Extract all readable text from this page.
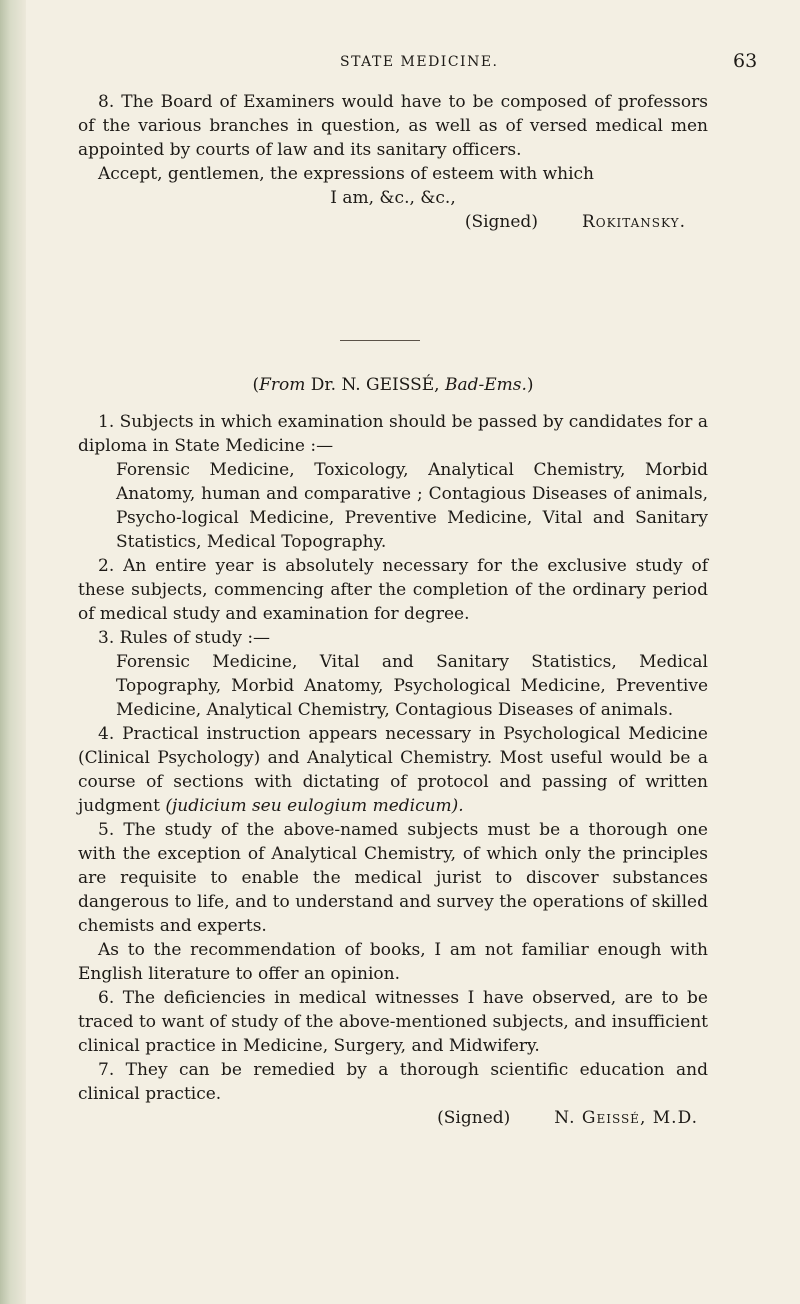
STATE MEDICINE.	63

8. The Board of Examiners would have to be composed of professors of the various branches in question, as well as of versed medical men appointed by courts of law and its sanitary officers.

Accept, gentlemen, the expressions of esteem with which

I am, &c., &c.,

(Signed)	Rokitansky.
(From Dr. N. GEISSÉ, Bad-Ems.)

1. Subjects in which examination should be passed by candidates for a diploma in State Medicine :—

Forensic Medicine, Toxicology, Analytical Chemistry, Morbid Anatomy, human and comparative ; Contagious Diseases of animals, Psycho-logical Medicine, Preventive Medicine, Vital and Sanitary Statistics, Medical Topography.

2. An entire year is absolutely necessary for the exclusive study of these subjects, commencing after the completion of the ordinary period of medical study and examination for degree.

3. Rules of study :—

Forensic Medicine, Vital and Sanitary Statistics, Medical Topography, Morbid Anatomy, Psychological Medicine, Preventive Medicine, Analytical Chemistry, Contagious Diseases of animals.

4. Practical instruction appears necessary in Psychological Medicine (Clinical Psychology) and Analytical Chemistry. Most useful would be a course of sections with dictating of protocol and passing of written judgment (judicium seu eulogium medicum).

5. The study of the above-named subjects must be a thorough one with the exception of Analytical Chemistry, of which only the principles are requisite to enable the medical jurist to discover substances dangerous to life, and to understand and survey the operations of skilled chemists and experts.

As to the recommendation of books, I am not familiar enough with English literature to offer an opinion.

6. The deficiencies in medical witnesses I have observed, are to be traced to want of study of the above-mentioned subjects, and insufficient clinical practice in Medicine, Surgery, and Midwifery.

7. They can be remedied by a thorough scientific education and clinical practice.

(Signed)	N. Geissé, M.D.
